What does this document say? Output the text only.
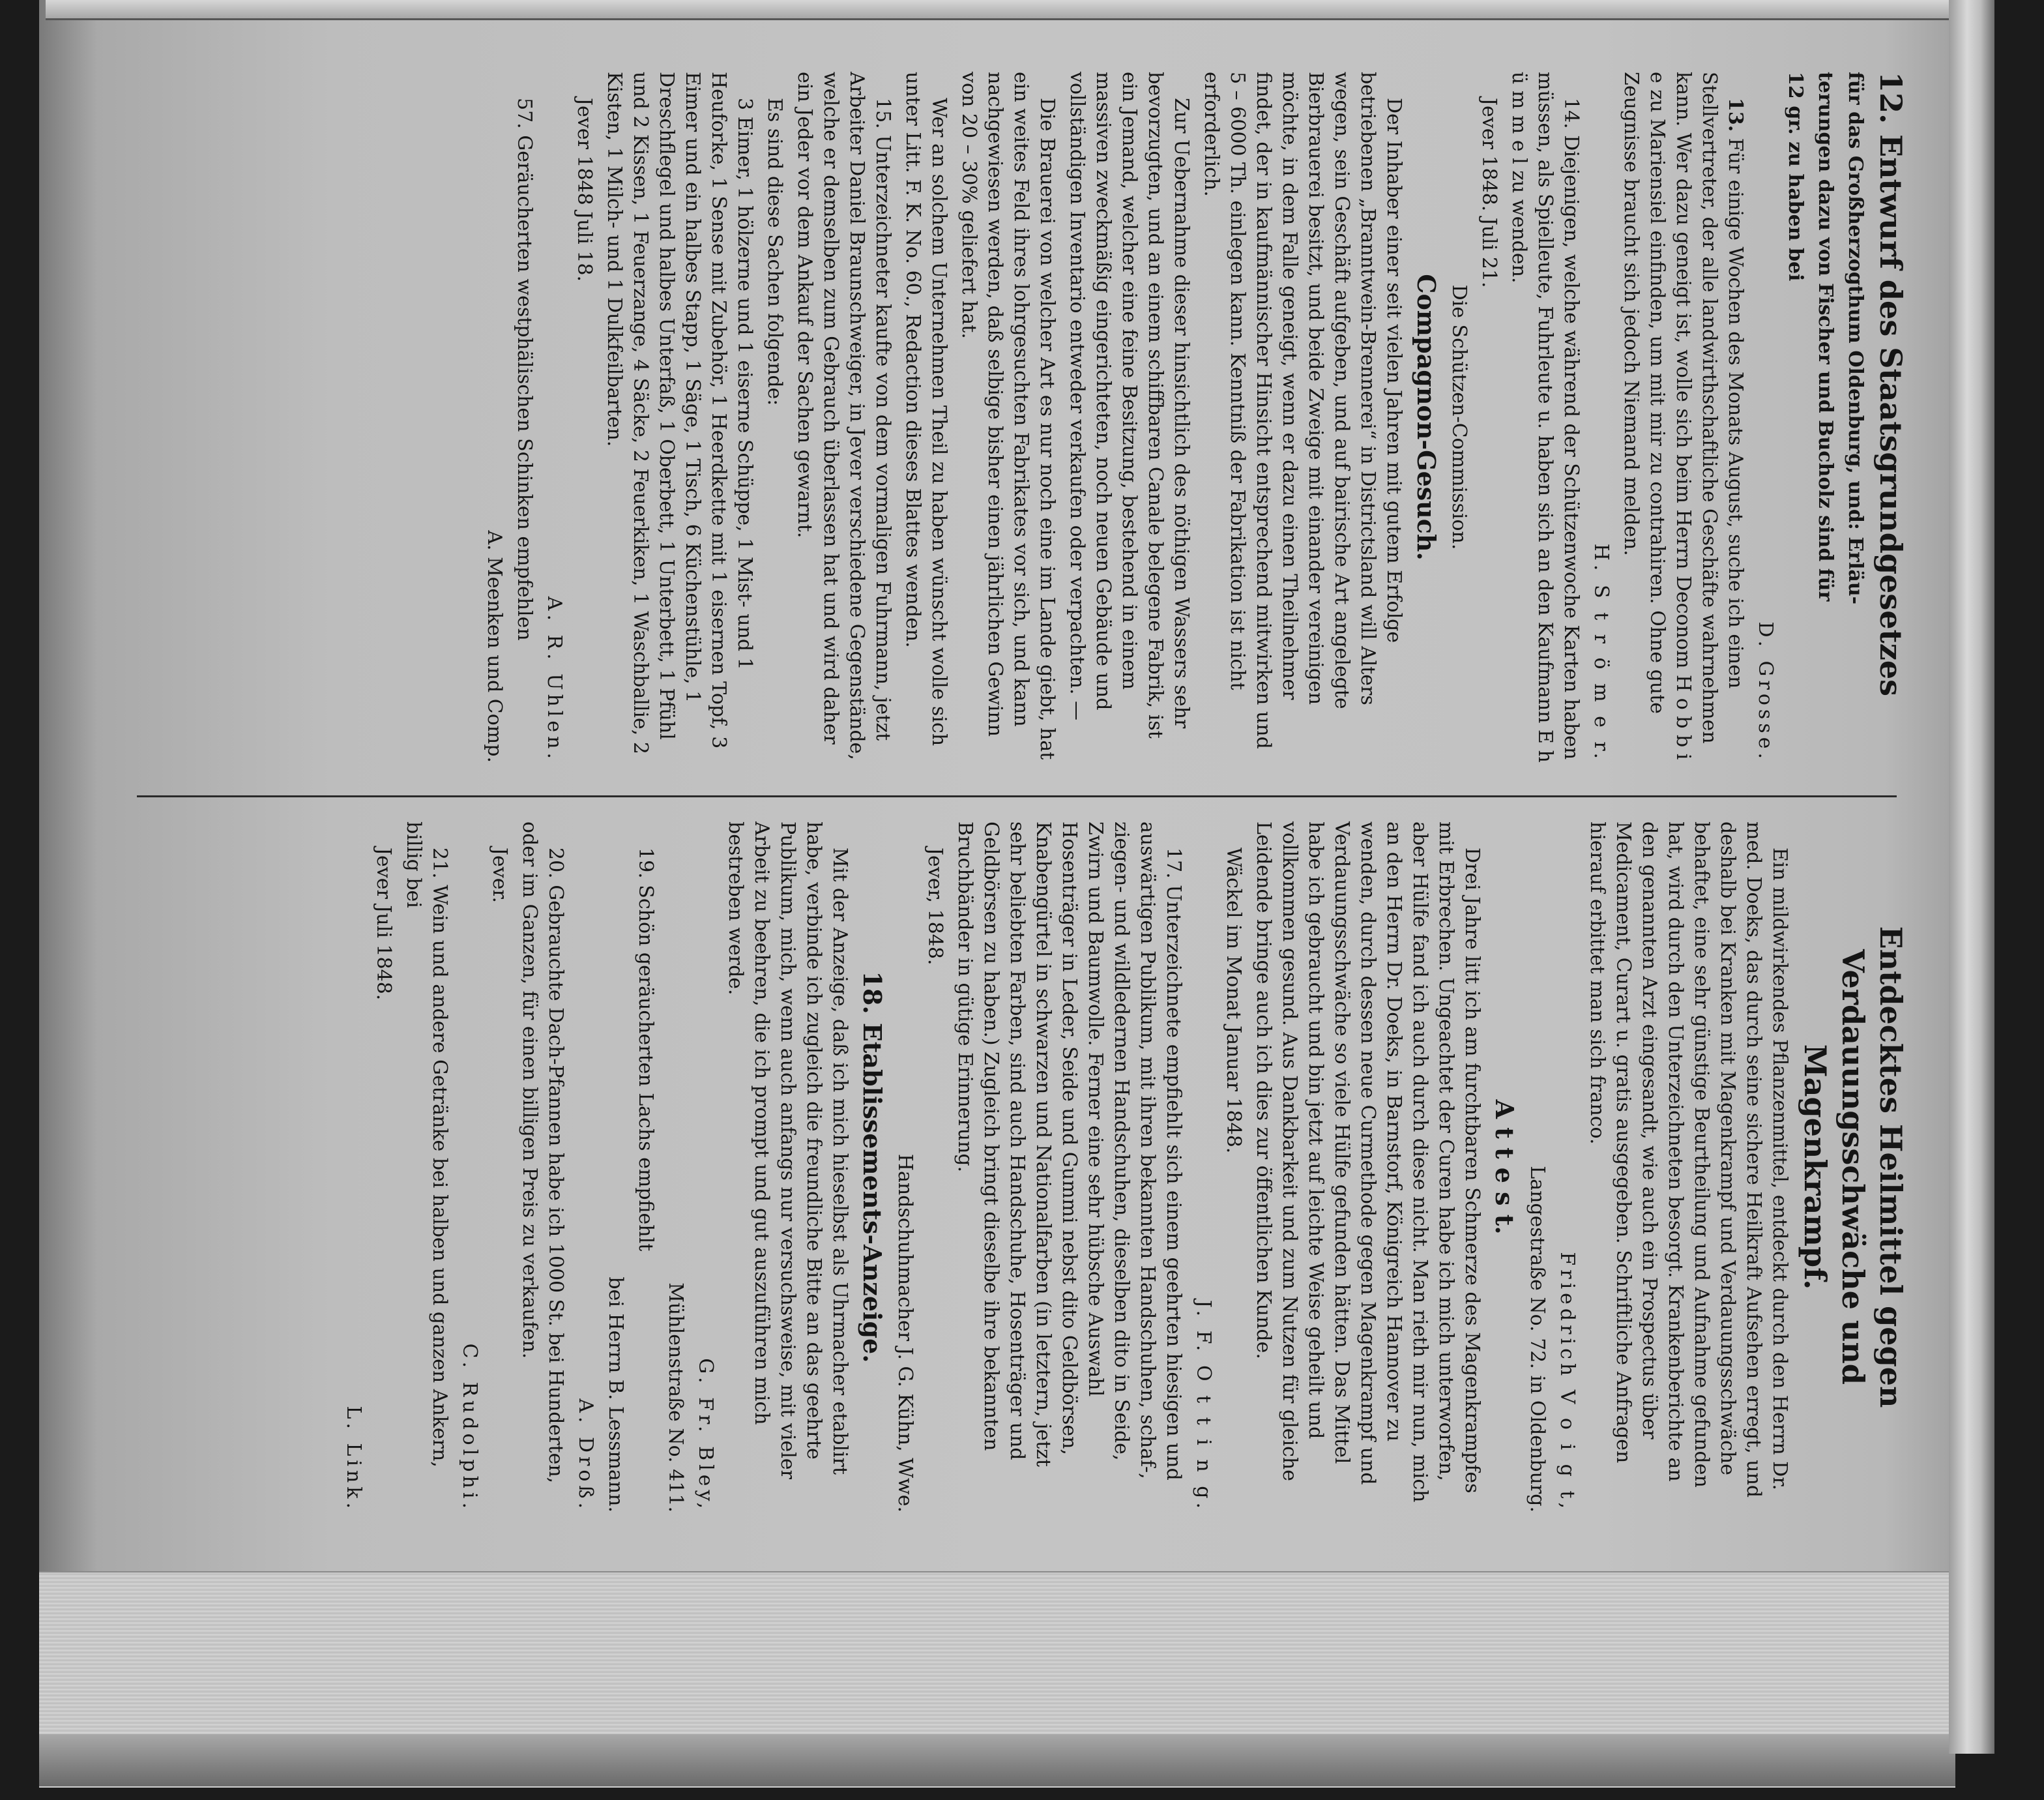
12. Entwurf des Staatsgrundgesetzes

für das Großherzogthum Oldenburg, und: Erläu-

terungen dazu von Fischer und Bucholz sind für

12 gr. zu haben bei

D. Grosse.

13. Für einige Wochen des Monats August, suche ich einen Stellvertreter, der alle landwirthschaftliche Geschäfte wahrnehmen kann. Wer dazu geneigt ist, wolle sich beim Herrn Deconom H o b b i e zu Mariensiel einfinden, um mit mir zu contrahiren. Ohne gute Zeugnisse braucht sich jedoch Niemand melden.

H. S t r ö m e r.

14. Diejenigen, welche während der Schützenwoche Karten haben müssen, als Spielleute, Fuhrleute u. haben sich an den Kaufmann E h ü m m e l zu wenden.

Jever 1848. Juli 21.

Die Schützen-Commission.

Compagnon-Gesuch.

Der Inhaber einer seit vielen Jahren mit gutem Erfolge betriebenen „Branntwein-Brennerei“ in Districtsland will Alters wegen, sein Geschäft aufgeben, und auf bairische Art angelegte Bierbrauerei besitzt, und beide Zweige mit einander vereinigen möchte, in dem Falle geneigt, wenn er dazu einen Theilnehmer findet, der in kaufmännischer Hinsicht entsprechend mitwirken und 5 – 6000 Th. einlegen kann. Kenntniß der Fabrikation ist nicht erforderlich.

Zur Uebernahme dieser hinsichtlich des nöthigen Wassers sehr bevorzugten, und an einem schiffbaren Canale belegene Fabrik, ist ein Jemand, welcher eine feine Besitzung, bestehend in einem massiven zweckmäßig eingerichteten, noch neuen Gebäude und vollständigen Inventario entweder verkaufen oder verpachten. —

Die Brauerei von welcher Art es nur noch eine im Lande giebt, hat ein weites Feld ihres lohrgesuchten Fabrikates vor sich, und kann nachgewiesen werden, daß selbige bisher einen jährlichen Gewinn von 20 – 30% geliefert hat.

Wer an solchem Unternehmen Theil zu haben wünscht wolle sich unter Litt. F. K. No. 60., Redaction dieses Blattes wenden.

15. Unterzeichneter kaufte von dem vormaligen Fuhrmann, jetzt Arbeiter Daniel Braunschweiger, in Jever verschiedene Gegenstände, welche er demselben zum Gebrauch überlassen hat und wird daher ein Jeder vor dem Ankauf der Sachen gewarnt.

Es sind diese Sachen folgende:

3 Eimer, 1 hölzerne und 1 eiserne Schüppe, 1 Mist- und 1 Heuforke, 1 Sense mit Zubehör, 1 Heerdkette mit 1 eisernen Topf, 3 Eimer und ein halbes Stapp, 1 Säge, 1 Tisch, 6 Küchenstühle, 1 Dreschflegel und halbes Unterfaß, 1 Oberbett, 1 Unterbett, 1 Pfühl und 2 Kissen, 1 Feuerzange, 4 Säcke, 2 Feuerkiken, 1 Waschballie, 2 Kisten, 1 Milch- und 1 Dulkfeilbarten.

Jever 1848 Juli 18.

A. R. Uhlen.

57. Geräucherten westphälischen Schinken empfehlen

A. Meenken und Comp.

Entdecktes Heilmittel gegen Verdauungsschwäche und Magenkrampf.

Ein mildwirkendes Pflanzenmittel, entdeckt durch den Herrn Dr. med. Doeks, das durch seine sichere Heilkraft Aufsehen erregt, und deshalb bei Kranken mit Magenkrampf und Verdauungsschwäche behaftet, eine sehr günstige Beurtheilung und Aufnahme gefunden hat, wird durch den Unterzeichneten besorgt. Krankenberichte an den genannten Arzt eingesandt, wie auch ein Prospectus über Medicament, Curart u. gratis ausgegeben. Schriftliche Anfragen hierauf erbittet man sich franco.

Friedrich V o i g t,

Langestraße No. 72. in Oldenburg.

A t t e s t.

Drei Jahre litt ich am furchtbaren Schmerze des Magenkrampfes mit Erbrechen. Ungeachtet der Curen habe ich mich unterworfen, aber Hülfe fand ich auch durch diese nicht. Man rieth mir nun, mich an den Herrn Dr. Doeks, in Barnstorf, Königreich Hannover zu wenden, durch dessen neue Curmethode gegen Magenkrampf und Verdauungsschwäche so viele Hülfe gefunden hätten. Das Mittel habe ich gebraucht und bin jetzt auf leichte Weise geheilt und vollkommen gesund. Aus Dankbarkeit und zum Nutzen für gleiche Leidende bringe auch ich dies zur öffentlichen Kunde.

Wäckel im Monat Januar 1848.

J. F. O t t i n g.

17. Unterzeichnete empfiehlt sich einem geehrten hiesigen und auswärtigen Publikum, mit ihren bekannten Handschuhen, schaf-, ziegen- und wildledernen Handschuhen, dieselben dito in Seide, Zwirn und Baumwolle. Ferner eine sehr hübsche Auswahl Hosenträger in Leder, Seide und Gummi nebst dito Geldbörsen, Knabengürtel in schwarzen und Nationalfarben (in letztern, jetzt sehr beliebten Farben, sind auch Handschuhe, Hosenträger und Geldbörsen zu haben.) Zugleich bringt dieselbe ihre bekannten Bruchbänder in gütige Erinnerung.

Jever, 1848.

Handschuhmacher J. G. Kühn, Wwe.

18. Etablissements-Anzeige.

Mit der Anzeige, daß ich mich hieselbst als Uhrmacher etablirt habe, verbinde ich zugleich die freundliche Bitte an das geehrte Publikum, mich, wenn auch anfangs nur versuchsweise, mit vieler Arbeit zu beehren, die ich prompt und gut auszuführen mich bestreben werde.

G. Fr. Bley,

Mühlenstraße No. 411.

19. Schön geräucherten Lachs empfiehlt

bei Herrn B. Lessmann.

A. Droß.

20. Gebrauchte Dach-Pfannen habe ich 1000 St. bei Hunderten, oder im Ganzen, für einen billigen Preis zu verkaufen.

Jever.

C. Rudolphi.

21. Wein und andere Getränke bei halben und ganzen Ankern, billig bei

Jever Juli 1848.

L. Link.
